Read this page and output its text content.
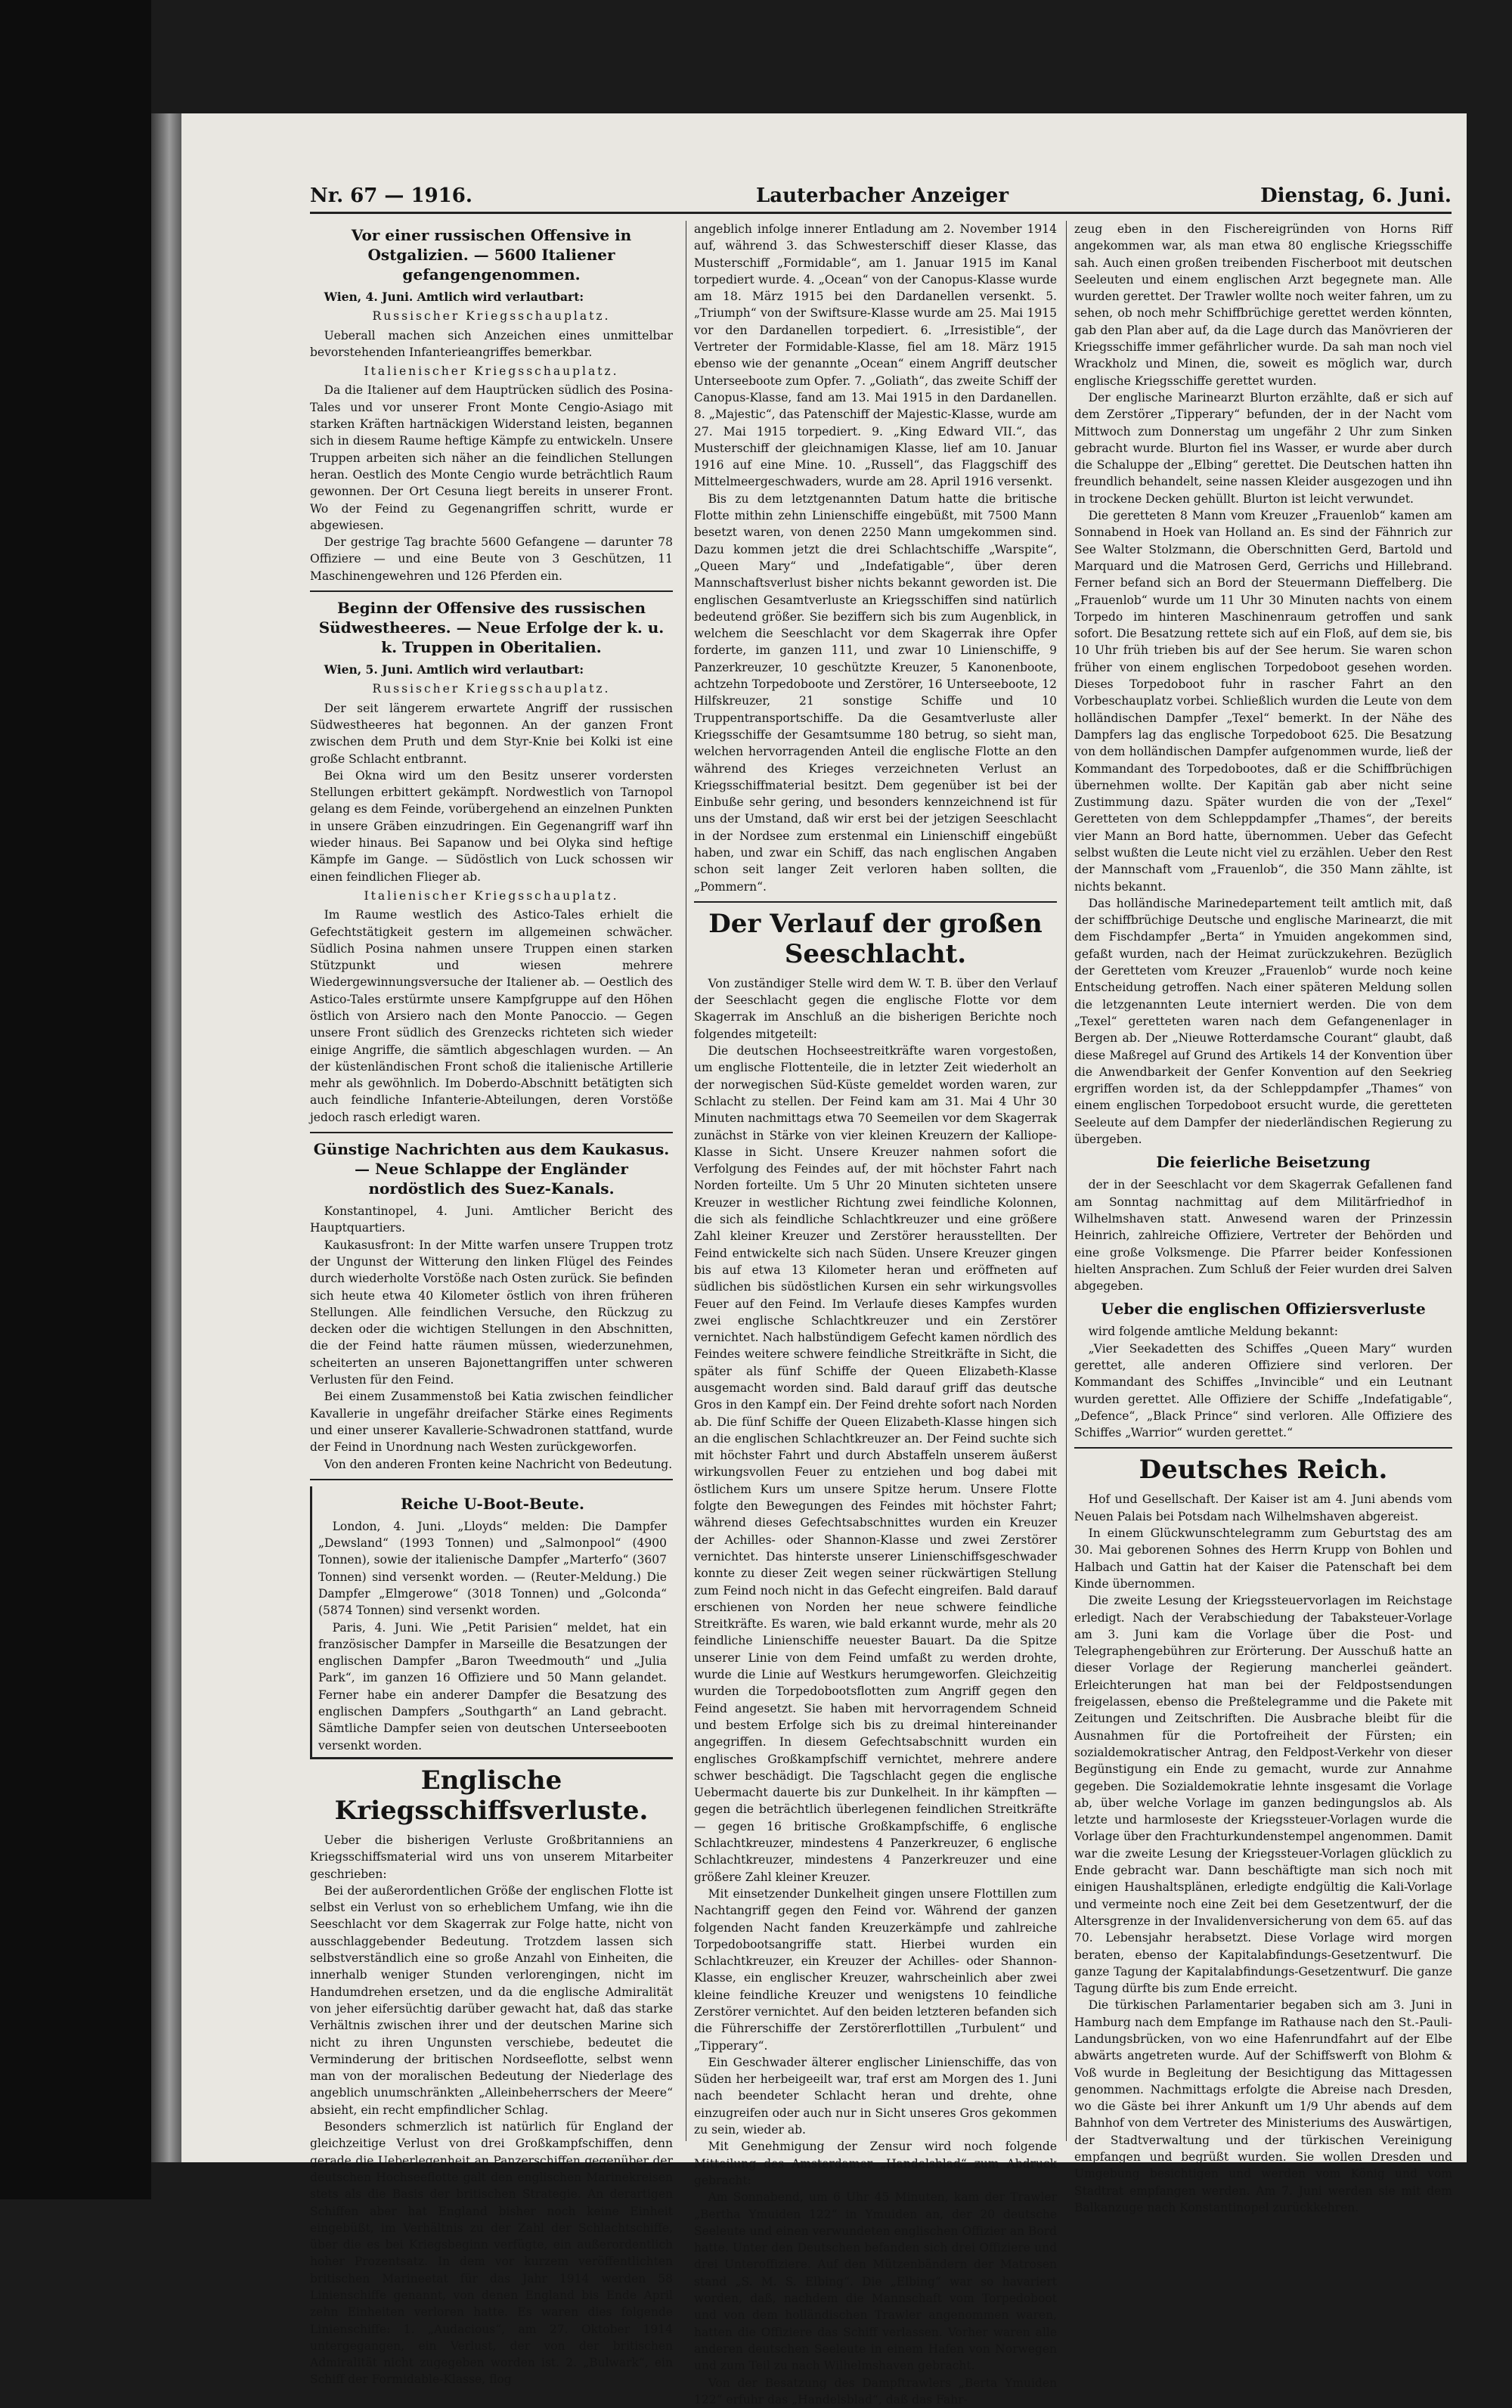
Nr. 67 — 1916.	Lauterbacher Anzeiger	Dienstag, 6. Juni.
Vor einer russischen Offensive in Ostgalizien. — 5600 Italiener gefangengenommen.

Wien, 4. Juni. Amtlich wird verlautbart:

Russischer Kriegsschauplatz.

Ueberall machen sich Anzeichen eines unmittelbar bevorstehenden Infanterieangriffes bemerkbar.

Italienischer Kriegsschauplatz.

Da die Italiener auf dem Hauptrücken südlich des Posina-Tales und vor unserer Front Monte Cengio-Asiago mit starken Kräften hartnäckigen Widerstand leisten, begannen sich in diesem Raume heftige Kämpfe zu entwickeln. Unsere Truppen arbeiten sich näher an die feindlichen Stellungen heran. Oestlich des Monte Cengio wurde beträchtlich Raum gewonnen. Der Ort Cesuna liegt bereits in unserer Front. Wo der Feind zu Gegenangriffen schritt, wurde er abgewiesen.

Der gestrige Tag brachte 5600 Gefangene — darunter 78 Offiziere — und eine Beute von 3 Geschützen, 11 Maschinengewehren und 126 Pferden ein.

Beginn der Offensive des russischen Südwestheeres. — Neue Erfolge der k. u. k. Truppen in Oberitalien.

Wien, 5. Juni. Amtlich wird verlautbart:

Russischer Kriegsschauplatz.

Der seit längerem erwartete Angriff der russischen Südwestheeres hat begonnen. An der ganzen Front zwischen dem Pruth und dem Styr-Knie bei Kolki ist eine große Schlacht entbrannt.

Bei Okna wird um den Besitz unserer vordersten Stellungen erbittert gekämpft. Nordwestlich von Tarnopol gelang es dem Feinde, vorübergehend an einzelnen Punkten in unsere Gräben einzudringen. Ein Gegenangriff warf ihn wieder hinaus. Bei Sapanow und bei Olyka sind heftige Kämpfe im Gange. — Südöstlich von Luck schossen wir einen feindlichen Flieger ab.

Italienischer Kriegsschauplatz.

Im Raume westlich des Astico-Tales erhielt die Gefechtstätigkeit gestern im allgemeinen schwächer. Südlich Posina nahmen unsere Truppen einen starken Stützpunkt und wiesen mehrere Wiedergewinnungsversuche der Italiener ab. — Oestlich des Astico-Tales erstürmte unsere Kampfgruppe auf den Höhen östlich von Arsiero nach den Monte Panoccio. — Gegen unsere Front südlich des Grenzecks richteten sich wieder einige Angriffe, die sämtlich abgeschlagen wurden. — An der küstenländischen Front schoß die italienische Artillerie mehr als gewöhnlich. Im Doberdo-Abschnitt betätigten sich auch feindliche Infanterie-Abteilungen, deren Vorstöße jedoch rasch erledigt waren.

Günstige Nachrichten aus dem Kaukasus. — Neue Schlappe der Engländer nordöstlich des Suez-Kanals.

Konstantinopel, 4. Juni. Amtlicher Bericht des Hauptquartiers.

Kaukasusfront: In der Mitte warfen unsere Truppen trotz der Ungunst der Witterung den linken Flügel des Feindes durch wiederholte Vorstöße nach Osten zurück. Sie befinden sich heute etwa 40 Kilometer östlich von ihren früheren Stellungen. Alle feindlichen Versuche, den Rückzug zu decken oder die wichtigen Stellungen in den Abschnitten, die der Feind hatte räumen müssen, wiederzunehmen, scheiterten an unseren Bajonettangriffen unter schweren Verlusten für den Feind.

Bei einem Zusammenstoß bei Katia zwischen feindlicher Kavallerie in ungefähr dreifacher Stärke eines Regiments und einer unserer Kavallerie-Schwadronen stattfand, wurde der Feind in Unordnung nach Westen zurückgeworfen.

Von den anderen Fronten keine Nachricht von Bedeutung.

Reiche U-Boot-Beute.

London, 4. Juni. „Lloyds“ melden: Die Dampfer „Dewsland“ (1993 Tonnen) und „Salmonpool“ (4900 Tonnen), sowie der italienische Dampfer „Marterfo“ (3607 Tonnen) sind versenkt worden. — (Reuter-Meldung.) Die Dampfer „Elmgerowe“ (3018 Tonnen) und „Golconda“ (5874 Tonnen) sind versenkt worden.

Paris, 4. Juni. Wie „Petit Parisien“ meldet, hat ein französischer Dampfer in Marseille die Besatzungen der englischen Dampfer „Baron Tweedmouth“ und „Julia Park“, im ganzen 16 Offiziere und 50 Mann gelandet. Ferner habe ein anderer Dampfer die Besatzung des englischen Dampfers „Southgarth“ an Land gebracht. Sämtliche Dampfer seien von deutschen Unterseebooten versenkt worden.

Englische Kriegsschiffsverluste.

Ueber die bisherigen Verluste Großbritanniens an Kriegsschiffsmaterial wird uns von unserem Mitarbeiter geschrieben:

Bei der außerordentlichen Größe der englischen Flotte ist selbst ein Verlust von so erheblichem Umfang, wie ihn die Seeschlacht vor dem Skagerrak zur Folge hatte, nicht von ausschlaggebender Bedeutung. Trotzdem lassen sich selbstverständlich eine so große Anzahl von Einheiten, die innerhalb weniger Stunden verlorengingen, nicht im Handumdrehen ersetzen, und da die englische Admiralität von jeher eifersüchtig darüber gewacht hat, daß das starke Verhältnis zwischen ihrer und der deutschen Marine sich nicht zu ihren Ungunsten verschiebe, bedeutet die Verminderung der britischen Nordseeflotte, selbst wenn man von der moralischen Bedeutung der Niederlage des angeblich unumschränkten „Alleinbeherrschers der Meere“ absieht, ein recht empfindlicher Schlag.

Besonders schmerzlich ist natürlich für England der gleichzeitige Verlust von drei Großkampfschiffen, denn gerade die Ueberlegenheit an Panzerschiffen gegenüber der deutschen Hochseeflotte galt den englischen Marinekreisen stets als die Basis der britischen Strategie. An derartigen Schiffen aber hat England bisher noch keine Einheit eingebüßt, im Verhältnis zu der Zahl der Schlachtschiffe, über die es bei Kriegsbeginn verfügte, ein außerordentlich hoher Prozentsatz. In dem vor kurzem veröffentlichten britischen Marineetat für das Jahr 1914 werden 58 Linienschiffe genannt, von denen England bis Ende April zehn Einheiten verloren hatte. Es waren dies folgende Linienschiffe: 1. „Audacious“, am 27. Oktober 1914 untergegangen, ein Verlust, der von der britischen Admiralität nicht zugegeben worden ist. 2. „Bulwark“, ein Schiff der Formidable-Klasse, flog

angeblich infolge innerer Entladung am 2. November 1914 auf, während 3. das Schwesterschiff dieser Klasse, das Musterschiff „Formidable“, am 1. Januar 1915 im Kanal torpediert wurde. 4. „Ocean“ von der Canopus-Klasse wurde am 18. März 1915 bei den Dardanellen versenkt. 5. „Triumph“ von der Swiftsure-Klasse wurde am 25. Mai 1915 vor den Dardanellen torpediert. 6. „Irresistible“, der Vertreter der Formidable-Klasse, fiel am 18. März 1915 ebenso wie der genannte „Ocean“ einem Angriff deutscher Unterseeboote zum Opfer. 7. „Goliath“, das zweite Schiff der Canopus-Klasse, fand am 13. Mai 1915 in den Dardanellen. 8. „Majestic“, das Patenschiff der Majestic-Klasse, wurde am 27. Mai 1915 torpediert. 9. „King Edward VII.“, das Musterschiff der gleichnamigen Klasse, lief am 10. Januar 1916 auf eine Mine. 10. „Russell“, das Flaggschiff des Mittelmeergeschwaders, wurde am 28. April 1916 versenkt.

Bis zu dem letztgenannten Datum hatte die britische Flotte mithin zehn Linienschiffe eingebüßt, mit 7500 Mann besetzt waren, von denen 2250 Mann umgekommen sind. Dazu kommen jetzt die drei Schlachtschiffe „Warspite“, „Queen Mary“ und „Indefatigable“, über deren Mannschaftsverlust bisher nichts bekannt geworden ist. Die englischen Gesamtverluste an Kriegsschiffen sind natürlich bedeutend größer. Sie beziffern sich bis zum Augenblick, in welchem die Seeschlacht vor dem Skagerrak ihre Opfer forderte, im ganzen 111, und zwar 10 Linienschiffe, 9 Panzerkreuzer, 10 geschützte Kreuzer, 5 Kanonenboote, achtzehn Torpedoboote und Zerstörer, 16 Unterseeboote, 12 Hilfskreuzer, 21 sonstige Schiffe und 10 Truppentransportschiffe. Da die Gesamtverluste aller Kriegsschiffe der Gesamtsumme 180 betrug, so sieht man, welchen hervorragenden Anteil die englische Flotte an den während des Krieges verzeichneten Verlust an Kriegsschiffmaterial besitzt. Dem gegenüber ist bei der Einbuße sehr gering, und besonders kennzeichnend ist für uns der Umstand, daß wir erst bei der jetzigen Seeschlacht in der Nordsee zum erstenmal ein Linienschiff eingebüßt haben, und zwar ein Schiff, das nach englischen Angaben schon seit langer Zeit verloren haben sollten, die „Pommern“.

Der Verlauf der großen Seeschlacht.

Von zuständiger Stelle wird dem W. T. B. über den Verlauf der Seeschlacht gegen die englische Flotte vor dem Skagerrak im Anschluß an die bisherigen Berichte noch folgendes mitgeteilt:

Die deutschen Hochseestreitkräfte waren vorgestoßen, um englische Flottenteile, die in letzter Zeit wiederholt an der norwegischen Süd-Küste gemeldet worden waren, zur Schlacht zu stellen. Der Feind kam am 31. Mai 4 Uhr 30 Minuten nachmittags etwa 70 Seemeilen vor dem Skagerrak zunächst in Stärke von vier kleinen Kreuzern der Kalliope-Klasse in Sicht. Unsere Kreuzer nahmen sofort die Verfolgung des Feindes auf, der mit höchster Fahrt nach Norden forteilte. Um 5 Uhr 20 Minuten sichteten unsere Kreuzer in westlicher Richtung zwei feindliche Kolonnen, die sich als feindliche Schlachtkreuzer und eine größere Zahl kleiner Kreuzer und Zerstörer herausstellten. Der Feind entwickelte sich nach Süden. Unsere Kreuzer gingen bis auf etwa 13 Kilometer heran und eröffneten auf südlichen bis südöstlichen Kursen ein sehr wirkungsvolles Feuer auf den Feind. Im Verlaufe dieses Kampfes wurden zwei englische Schlachtkreuzer und ein Zerstörer vernichtet. Nach halbstündigem Gefecht kamen nördlich des Feindes weitere schwere feindliche Streitkräfte in Sicht, die später als fünf Schiffe der Queen Elizabeth-Klasse ausgemacht worden sind. Bald darauf griff das deutsche Gros in den Kampf ein. Der Feind drehte sofort nach Norden ab. Die fünf Schiffe der Queen Elizabeth-Klasse hingen sich an die englischen Schlachtkreuzer an. Der Feind suchte sich mit höchster Fahrt und durch Abstaffeln unserem äußerst wirkungsvollen Feuer zu entziehen und bog dabei mit östlichem Kurs um unsere Spitze herum. Unsere Flotte folgte den Bewegungen des Feindes mit höchster Fahrt; während dieses Gefechtsabschnittes wurden ein Kreuzer der Achilles- oder Shannon-Klasse und zwei Zerstörer vernichtet. Das hinterste unserer Linienschiffsgeschwader konnte zu dieser Zeit wegen seiner rückwärtigen Stellung zum Feind noch nicht in das Gefecht eingreifen. Bald darauf erschienen von Norden her neue schwere feindliche Streitkräfte. Es waren, wie bald erkannt wurde, mehr als 20 feindliche Linienschiffe neuester Bauart. Da die Spitze unserer Linie von dem Feind umfaßt zu werden drohte, wurde die Linie auf Westkurs herumgeworfen. Gleichzeitig wurden die Torpedobootsflotten zum Angriff gegen den Feind angesetzt. Sie haben mit hervorragendem Schneid und bestem Erfolge sich bis zu dreimal hintereinander angegriffen. In diesem Gefechtsabschnitt wurden ein englisches Großkampfschiff vernichtet, mehrere andere schwer beschädigt. Die Tagschlacht gegen die englische Uebermacht dauerte bis zur Dunkelheit. In ihr kämpften — gegen die beträchtlich überlegenen feindlichen Streitkräfte — gegen 16 britische Großkampfschiffe, 6 englische Schlachtkreuzer, mindestens 4 Panzerkreuzer, 6 englische Schlachtkreuzer, mindestens 4 Panzerkreuzer und eine größere Zahl kleiner Kreuzer.

Mit einsetzender Dunkelheit gingen unsere Flottillen zum Nachtangriff gegen den Feind vor. Während der ganzen folgenden Nacht fanden Kreuzerkämpfe und zahlreiche Torpedobootsangriffe statt. Hierbei wurden ein Schlachtkreuzer, ein Kreuzer der Achilles- oder Shannon-Klasse, ein englischer Kreuzer, wahrscheinlich aber zwei kleine feindliche Kreuzer und wenigstens 10 feindliche Zerstörer vernichtet. Auf den beiden letzteren befanden sich die Führerschiffe der Zerstörerflottillen „Turbulent“ und „Tipperary“.

Ein Geschwader älterer englischer Linienschiffe, das von Süden her herbeigeeilt war, traf erst am Morgen des 1. Juni nach beendeter Schlacht heran und drehte, ohne einzugreifen oder auch nur in Sicht unseres Gros gekommen zu sein, wieder ab.

Mit Genehmigung der Zensur wird noch folgende Mitteilung des Amsterdamer „Handelsblad“ zum Abdruck gebracht:

Am Sonnabend, um 6 Uhr 45 Minuten, kam der Trawler „Bertha Ymuiden 122“ in Ymuiden an, der 20 deutsche Seeleute und einen verwundeten englischen Offizier an Bord hatte. Unter den Deutschen befanden sich drei Offiziere und drei Unteroffiziere. Auf den Mützenbändern der Matrosen stand „S. M. S. Elbing“. Die „Elbing“ war so havariert worden, daß, nachdem die Mannschaft vom Torpedoboot und von dem holländischen Trawler angenommen waren, hatten die Offiziere das Schiff verlassen. Vorher waren alle anderen deutschen Seeleute in einem Hafen von Norwegen und zum Teil zu nach Wilhelmshaven gebracht.

Von der Besatzung des Dampftrawlers „Berta Ymuiden 122“ erfuhr das „Handelsblad“, daß das Fahr-

zeug eben in den Fischereigründen von Horns Riff angekommen war, als man etwa 80 englische Kriegsschiffe sah. Auch einen großen treibenden Fischerboot mit deutschen Seeleuten und einem englischen Arzt begegnete man. Alle wurden gerettet. Der Trawler wollte noch weiter fahren, um zu sehen, ob noch mehr Schiffbrüchige gerettet werden könnten, gab den Plan aber auf, da die Lage durch das Manövrieren der Kriegsschiffe immer gefährlicher wurde. Da sah man noch viel Wrackholz und Minen, die, soweit es möglich war, durch englische Kriegsschiffe gerettet wurden.

Der englische Marinearzt Blurton erzählte, daß er sich auf dem Zerstörer „Tipperary“ befunden, der in der Nacht vom Mittwoch zum Donnerstag um ungefähr 2 Uhr zum Sinken gebracht wurde. Blurton fiel ins Wasser, er wurde aber durch die Schaluppe der „Elbing“ gerettet. Die Deutschen hatten ihn freundlich behandelt, seine nassen Kleider ausgezogen und ihn in trockene Decken gehüllt. Blurton ist leicht verwundet.

Die geretteten 8 Mann vom Kreuzer „Frauenlob“ kamen am Sonnabend in Hoek van Holland an. Es sind der Fähnrich zur See Walter Stolzmann, die Oberschnitten Gerd, Bartold und Marquard und die Matrosen Gerd, Gerrichs und Hillebrand. Ferner befand sich an Bord der Steuermann Dieffelberg. Die „Frauenlob“ wurde um 11 Uhr 30 Minuten nachts von einem Torpedo im hinteren Maschinenraum getroffen und sank sofort. Die Besatzung rettete sich auf ein Floß, auf dem sie, bis 10 Uhr früh trieben bis auf der See herum. Sie waren schon früher von einem englischen Torpedoboot gesehen worden. Dieses Torpedoboot fuhr in rascher Fahrt an den Vorbeschauplatz vorbei. Schließlich wurden die Leute von dem holländischen Dampfer „Texel“ bemerkt. In der Nähe des Dampfers lag das englische Torpedoboot 625. Die Besatzung von dem holländischen Dampfer aufgenommen wurde, ließ der Kommandant des Torpedobootes, daß er die Schiffbrüchigen übernehmen wollte. Der Kapitän gab aber nicht seine Zustimmung dazu. Später wurden die von der „Texel“ Geretteten von dem Schleppdampfer „Thames“, der bereits vier Mann an Bord hatte, übernommen. Ueber das Gefecht selbst wußten die Leute nicht viel zu erzählen. Ueber den Rest der Mannschaft vom „Frauenlob“, die 350 Mann zählte, ist nichts bekannt.

Das holländische Marinedepartement teilt amtlich mit, daß der schiffbrüchige Deutsche und englische Marinearzt, die mit dem Fischdampfer „Berta“ in Ymuiden angekommen sind, gefaßt wurden, nach der Heimat zurückzukehren. Bezüglich der Geretteten vom Kreuzer „Frauenlob“ wurde noch keine Entscheidung getroffen. Nach einer späteren Meldung sollen die letzgenannten Leute interniert werden. Die von dem „Texel“ geretteten waren nach dem Gefangenenlager in Bergen ab. Der „Nieuwe Rotterdamsche Courant“ glaubt, daß diese Maßregel auf Grund des Artikels 14 der Konvention über die Anwendbarkeit der Genfer Konvention auf den Seekrieg ergriffen worden ist, da der Schleppdampfer „Thames“ von einem englischen Torpedoboot ersucht wurde, die geretteten Seeleute auf dem Dampfer der niederländischen Regierung zu übergeben.

Die feierliche Beisetzung

der in der Seeschlacht vor dem Skagerrak Gefallenen fand am Sonntag nachmittag auf dem Militärfriedhof in Wilhelmshaven statt. Anwesend waren der Prinzessin Heinrich, zahlreiche Offiziere, Vertreter der Behörden und eine große Volksmenge. Die Pfarrer beider Konfessionen hielten Ansprachen. Zum Schluß der Feier wurden drei Salven abgegeben.

Ueber die englischen Offiziersverluste

wird folgende amtliche Meldung bekannt:

„Vier Seekadetten des Schiffes „Queen Mary“ wurden gerettet, alle anderen Offiziere sind verloren. Der Kommandant des Schiffes „Invincible“ und ein Leutnant wurden gerettet. Alle Offiziere der Schiffe „Indefatigable“, „Defence“, „Black Prince“ sind verloren. Alle Offiziere des Schiffes „Warrior“ wurden gerettet.“

Deutsches Reich.

Hof und Gesellschaft. Der Kaiser ist am 4. Juni abends vom Neuen Palais bei Potsdam nach Wilhelmshaven abgereist.

In einem Glückwunschtelegramm zum Geburtstag des am 30. Mai geborenen Sohnes des Herrn Krupp von Bohlen und Halbach und Gattin hat der Kaiser die Patenschaft bei dem Kinde übernommen.

Die zweite Lesung der Kriegssteuervorlagen im Reichstage erledigt. Nach der Verabschiedung der Tabaksteuer-Vorlage am 3. Juni kam die Vorlage über die Post- und Telegraphengebühren zur Erörterung. Der Ausschuß hatte an dieser Vorlage der Regierung mancherlei geändert. Erleichterungen hat man bei der Feldpostsendungen freigelassen, ebenso die Preßtelegramme und die Pakete mit Zeitungen und Zeitschriften. Die Ausbrache bleibt für die Ausnahmen für die Portofreiheit der Fürsten; ein sozialdemokratischer Antrag, den Feldpost-Verkehr von dieser Begünstigung ein Ende zu gemacht, wurde zur Annahme gegeben. Die Sozialdemokratie lehnte insgesamt die Vorlage ab, über welche Vorlage im ganzen bedingungslos ab. Als letzte und harmloseste der Kriegssteuer-Vorlagen wurde die Vorlage über den Frachturkundenstempel angenommen. Damit war die zweite Lesung der Kriegssteuer-Vorlagen glücklich zu Ende gebracht war. Dann beschäftigte man sich noch mit einigen Haushaltsplänen, erledigte endgültig die Kali-Vorlage und vermeinte noch eine Zeit bei dem Gesetzentwurf, der die Altersgrenze in der Invalidenversicherung von dem 65. auf das 70. Lebensjahr herabsetzt. Diese Vorlage wird morgen beraten, ebenso der Kapitalabfindungs-Gesetzentwurf. Die ganze Tagung der Kapitalabfindungs-Gesetzentwurf. Die ganze Tagung dürfte bis zum Ende erreicht.

Die türkischen Parlamentarier begaben sich am 3. Juni in Hamburg nach dem Empfange im Rathause nach den St.-Pauli-Landungsbrücken, von wo eine Hafenrundfahrt auf der Elbe abwärts angetreten wurde. Auf der Schiffswerft von Blohm & Voß wurde in Begleitung der Besichtigung das Mittagessen genommen. Nachmittags erfolgte die Abreise nach Dresden, wo die Gäste bei ihrer Ankunft um 1/9 Uhr abends auf dem Bahnhof von dem Vertreter des Ministeriums des Auswärtigen, der Stadtverwaltung und der türkischen Vereinigung empfangen und begrüßt wurden. Sie wollen Dresden und Umgebung besichtigen und werden vom König und vom Stadtrat empfangen werden. Am 7. Juni werden sie mit dem Balkanzuge nach Konstantinopel zurückkehren.
